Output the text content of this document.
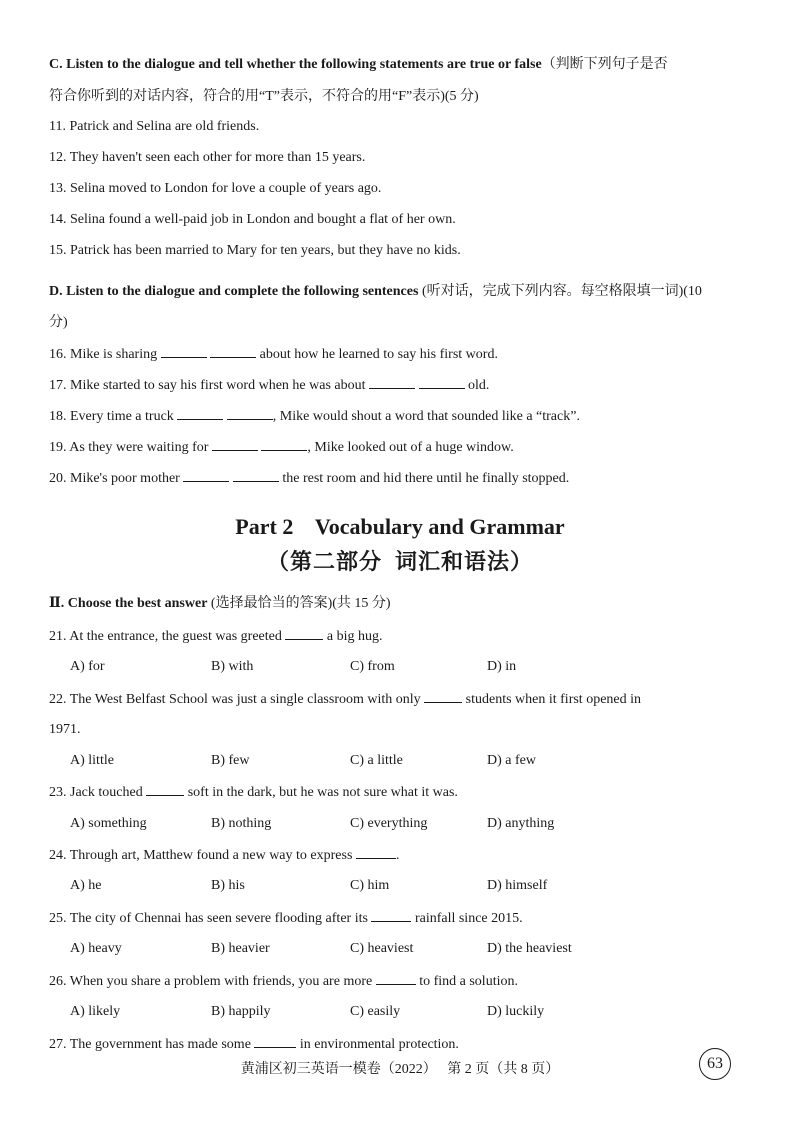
C. Listen to the dialogue and tell whether the following statements are true or false（判断下列句子是否
符合你听到的对话内容，符合的用“T”表示，不符合的用“F”表示)(5 分)
11. Patrick and Selina are old friends.
12. They haven't seen each other for more than 15 years.
13. Selina moved to London for love a couple of years ago.
14. Selina found a well-paid job in London and bought a flat of her own.
15. Patrick has been married to Mary for ten years, but they have no kids.
D. Listen to the dialogue and complete the following sentences (听对话，完成下列内容。每空格限填一词)(10
分)
16. Mike is sharing	about how he learned to say his first word.
17. Mike started to say his first word when he was about	old.
18. Every time a truck	, Mike would shout a word that sounded like a “track”.
19. As they were waiting for	, Mike looked out of a huge window.
20. Mike's poor mother	the rest room and hid there until he finally stopped.
Part 2    Vocabulary and Grammar
（第二部分  词汇和语法）
Ⅱ. Choose the best answer (选择最恰当的答案)(共 15 分)
21. At the entrance, the guest was greeted	a big hug.
A) for	B) with	C) from	D) in
22. The West Belfast School was just a single classroom with only	students when it first opened in
1971.
A) little	B) few	C) a little	D) a few
23. Jack touched	soft in the dark, but he was not sure what it was.
A) something	B) nothing	C) everything	D) anything
24. Through art, Matthew found a new way to express	.
A) he	B) his	C) him	D) himself
25. The city of Chennai has seen severe flooding after its	rainfall since 2015.
A) heavy	B) heavier	C) heaviest	D) the heaviest
26. When you share a problem with friends, you are more	to find a solution.
A) likely	B) happily	C) easily	D) luckily
27. The government has made some	in environmental protection.
黄浦区初三英语一模卷（2022）   第 2 页（共 8 页）	63
